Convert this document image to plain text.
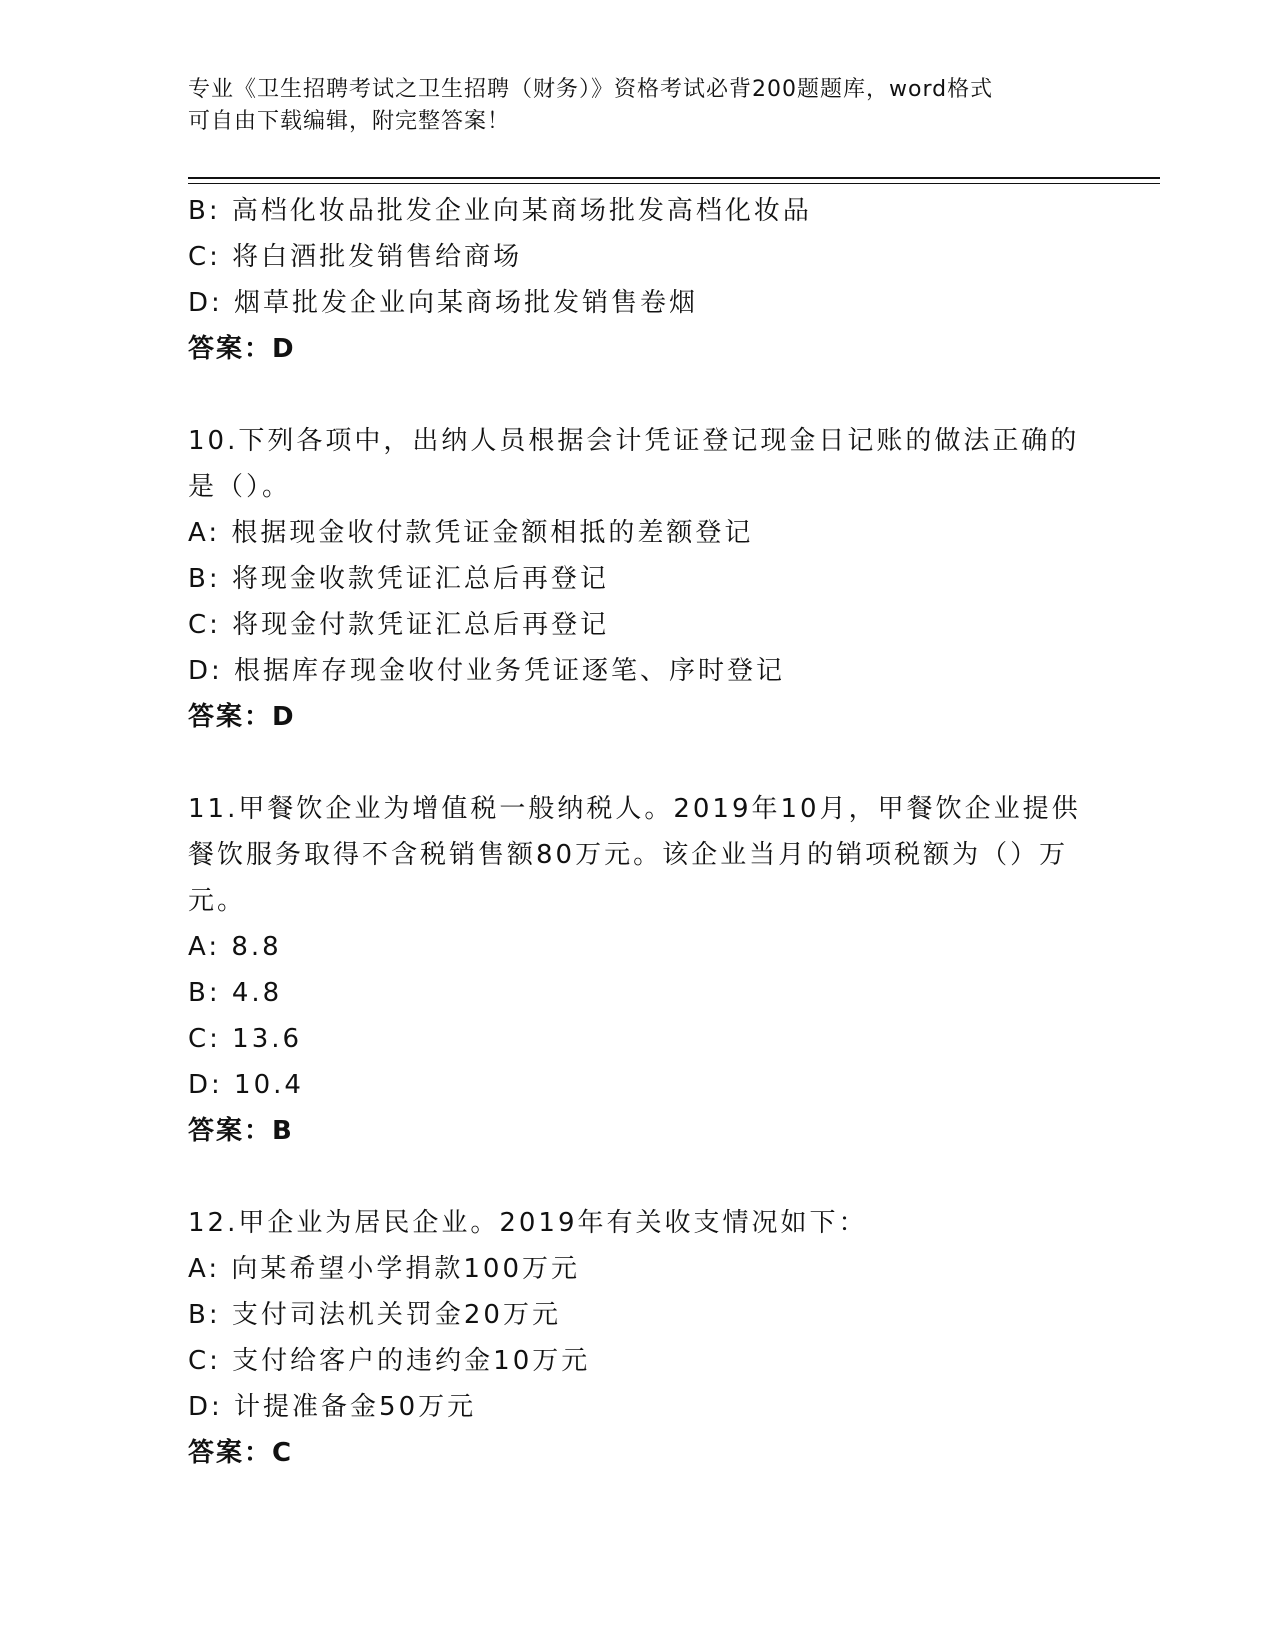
专业《卫生招聘考试之卫生招聘（财务）》资格考试必背200题题库，word格式

可自由下载编辑，附完整答案！

B: 高档化妆品批发企业向某商场批发高档化妆品

C: 将白酒批发销售给商场

D: 烟草批发企业向某商场批发销售卷烟

答案：D

10.下列各项中，出纳人员根据会计凭证登记现金日记账的做法正确的

是（）。

A: 根据现金收付款凭证金额相抵的差额登记

B: 将现金收款凭证汇总后再登记

C: 将现金付款凭证汇总后再登记

D: 根据库存现金收付业务凭证逐笔、序时登记

答案：D

11.甲餐饮企业为增值税一般纳税人。2019年10月，甲餐饮企业提供

餐饮服务取得不含税销售额80万元。该企业当月的销项税额为（）万

元。

A: 8.8

B: 4.8

C: 13.6

D: 10.4

答案：B

12.甲企业为居民企业。2019年有关收支情况如下：

A: 向某希望小学捐款100万元

B: 支付司法机关罚金20万元

C: 支付给客户的违约金10万元

D: 计提准备金50万元

答案：C
